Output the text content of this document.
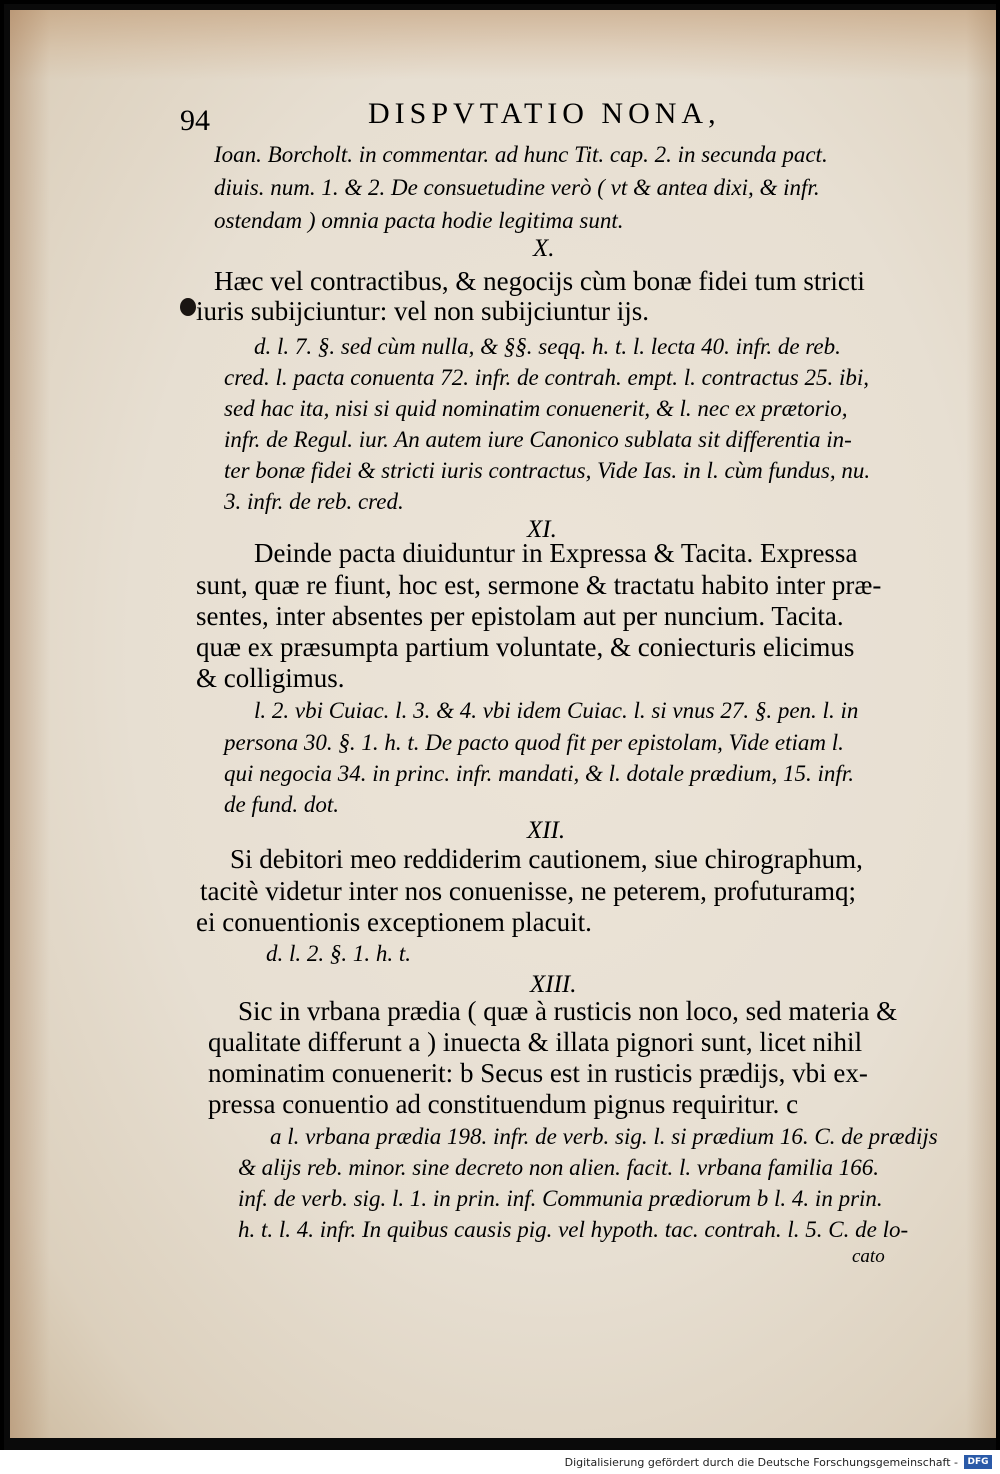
94	DISPVTATIO NONA,
Ioan. Borcholt. in commentar. ad hunc Tit. cap. 2. in secunda pact.
diuis. num. 1. & 2. De consuetudine verò ( vt & antea dixi, & infr.
ostendam ) omnia pacta hodie legitima sunt.
X.
Hæc vel contractibus, & negocijs cùm bonæ fidei tum stricti
iuris subijciuntur: vel non subijciuntur ijs.
d. l. 7. §. sed cùm nulla, & §§. seqq. h. t. l. lecta 40. infr. de reb.
cred. l. pacta conuenta 72. infr. de contrah. empt. l. contractus 25. ibi,
sed hac ita, nisi si quid nominatim conuenerit, & l. nec ex prætorio,
infr. de Regul. iur. An autem iure Canonico sublata sit differentia in-
ter bonæ fidei & stricti iuris contractus, Vide Ias. in l. cùm fundus, nu.
3. infr. de reb. cred.
XI.
Deinde pacta diuiduntur in Expressa & Tacita. Expressa
sunt, quæ re fiunt, hoc est, sermone & tractatu habito inter præ-
sentes, inter absentes per epistolam aut per nuncium. Tacita.
quæ ex præsumpta partium voluntate, & coniecturis elicimus
& colligimus.
l. 2. vbi Cuiac. l. 3. & 4. vbi idem Cuiac. l. si vnus 27. §. pen. l. in
persona 30. §. 1. h. t. De pacto quod fit per epistolam, Vide etiam l.
qui negocia 34. in princ. infr. mandati, & l. dotale prædium, 15. infr.
de fund. dot.
XII.
Si debitori meo reddiderim cautionem, siue chirographum,
tacitè videtur inter nos conuenisse, ne peterem, profuturamq;
ei conuentionis exceptionem placuit.
d. l. 2. §. 1. h. t.
XIII.
Sic in vrbana prædia ( quæ à rusticis non loco, sed materia &
qualitate differunt a ) inuecta & illata pignori sunt, licet nihil
nominatim conuenerit: b Secus est in rusticis prædijs, vbi ex-
pressa conuentio ad constituendum pignus requiritur. c
a l. vrbana prædia 198. infr. de verb. sig. l. si prædium 16. C. de prædijs
& alijs reb. minor. sine decreto non alien. facit. l. vrbana familia 166.
inf. de verb. sig. l. 1. in prin. inf. Communia prædiorum b l. 4. in prin.
h. t. l. 4. infr. In quibus causis pig. vel hypoth. tac. contrah. l. 5. C. de lo-
cato
Digitalisierung gefördert durch die Deutsche Forschungsgemeinschaft -	DFG
